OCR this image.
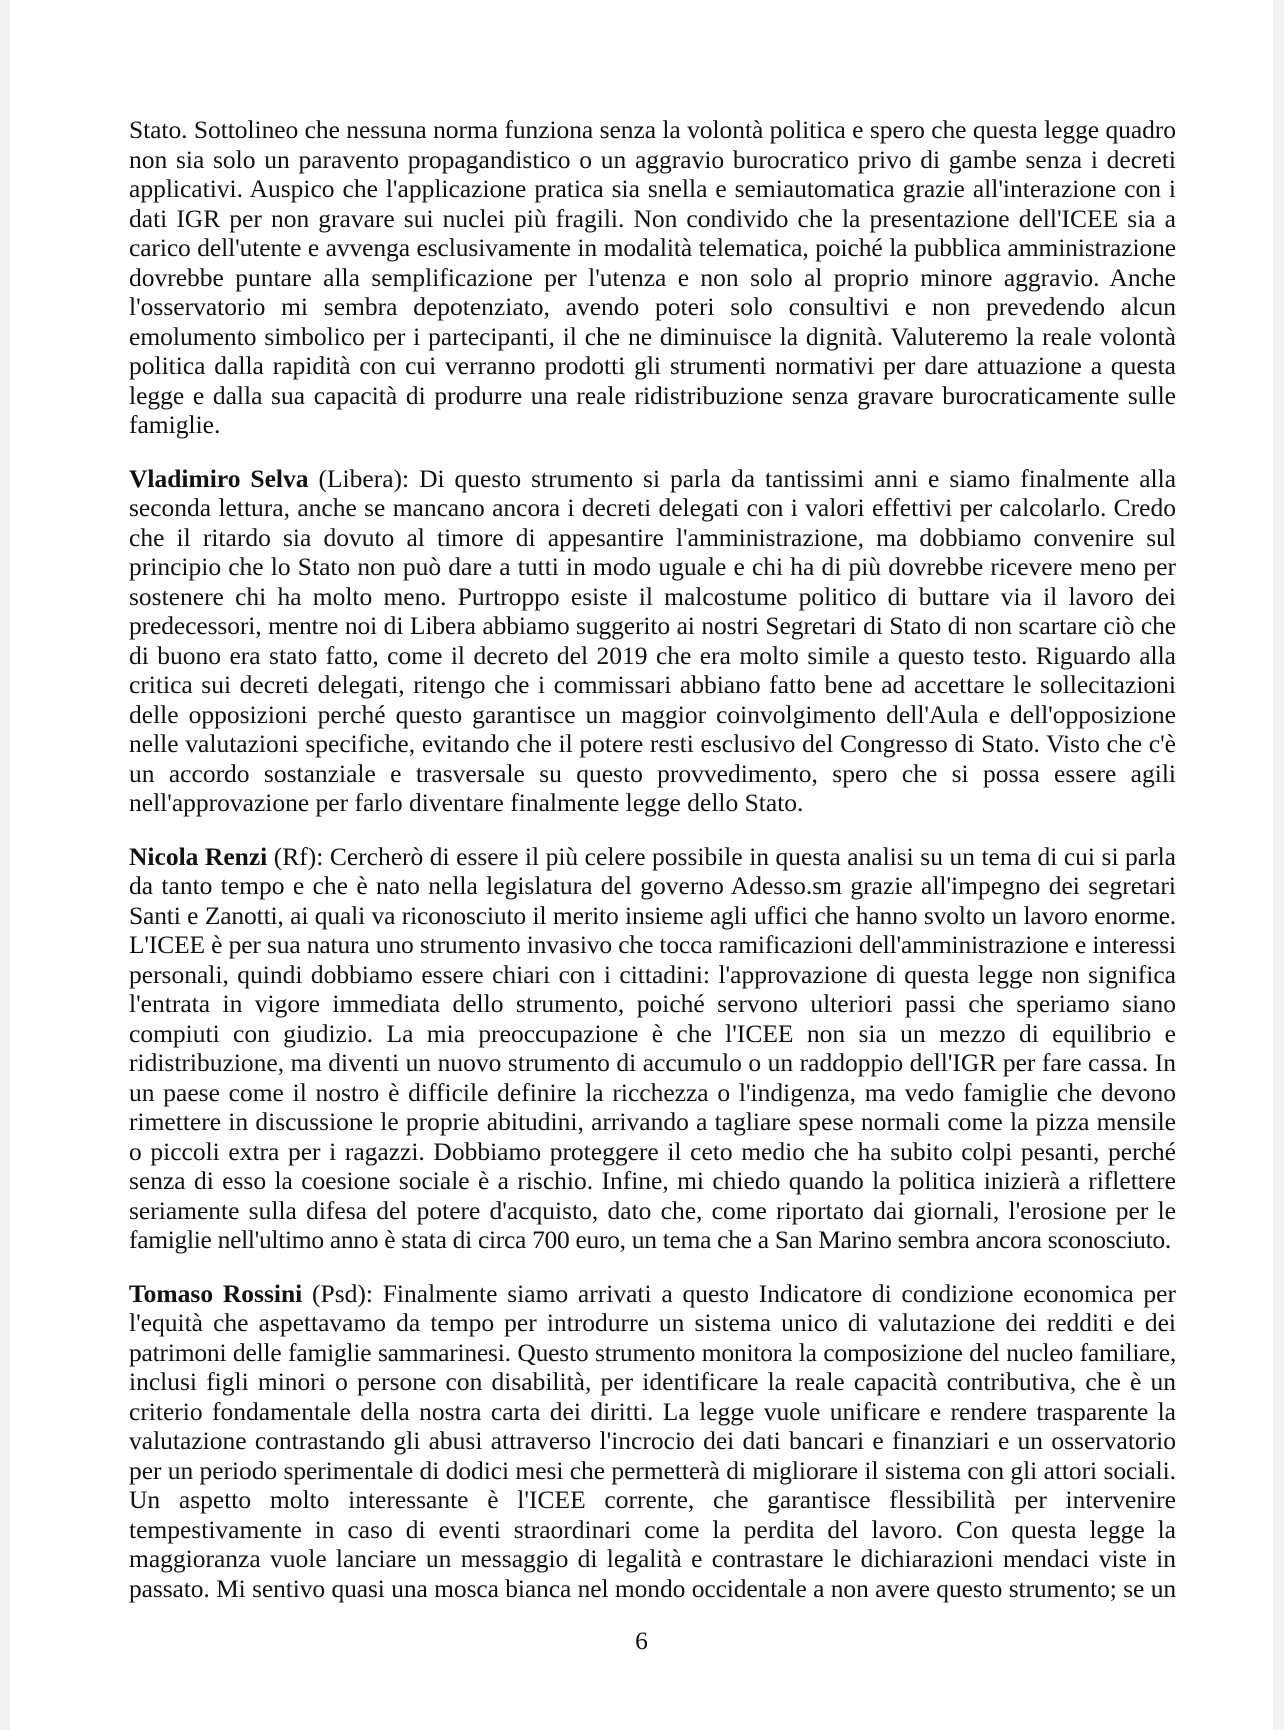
Stato. Sottolineo che nessuna norma funziona senza la volontà politica e spero che questa legge quadro
non sia solo un paravento propagandistico o un aggravio burocratico privo di gambe senza i decreti
applicativi. Auspico che l'applicazione pratica sia snella e semiautomatica grazie all'interazione con i
dati IGR per non gravare sui nuclei più fragili. Non condivido che la presentazione dell'ICEE sia a
carico dell'utente e avvenga esclusivamente in modalità telematica, poiché la pubblica amministrazione
dovrebbe puntare alla semplificazione per l'utenza e non solo al proprio minore aggravio. Anche
l'osservatorio mi sembra depotenziato, avendo poteri solo consultivi e non prevedendo alcun
emolumento simbolico per i partecipanti, il che ne diminuisce la dignità. Valuteremo la reale volontà
politica dalla rapidità con cui verranno prodotti gli strumenti normativi per dare attuazione a questa
legge e dalla sua capacità di produrre una reale ridistribuzione senza gravare burocraticamente sulle
famiglie.
Vladimiro Selva (Libera): Di questo strumento si parla da tantissimi anni e siamo finalmente alla
seconda lettura, anche se mancano ancora i decreti delegati con i valori effettivi per calcolarlo. Credo
che il ritardo sia dovuto al timore di appesantire l'amministrazione, ma dobbiamo convenire sul
principio che lo Stato non può dare a tutti in modo uguale e chi ha di più dovrebbe ricevere meno per
sostenere chi ha molto meno. Purtroppo esiste il malcostume politico di buttare via il lavoro dei
predecessori, mentre noi di Libera abbiamo suggerito ai nostri Segretari di Stato di non scartare ciò che
di buono era stato fatto, come il decreto del 2019 che era molto simile a questo testo. Riguardo alla
critica sui decreti delegati, ritengo che i commissari abbiano fatto bene ad accettare le sollecitazioni
delle opposizioni perché questo garantisce un maggior coinvolgimento dell'Aula e dell'opposizione
nelle valutazioni specifiche, evitando che il potere resti esclusivo del Congresso di Stato. Visto che c'è
un accordo sostanziale e trasversale su questo provvedimento, spero che si possa essere agili
nell'approvazione per farlo diventare finalmente legge dello Stato.
Nicola Renzi (Rf): Cercherò di essere il più celere possibile in questa analisi su un tema di cui si parla
da tanto tempo e che è nato nella legislatura del governo Adesso.sm grazie all'impegno dei segretari
Santi e Zanotti, ai quali va riconosciuto il merito insieme agli uffici che hanno svolto un lavoro enorme.
L'ICEE è per sua natura uno strumento invasivo che tocca ramificazioni dell'amministrazione e interessi
personali, quindi dobbiamo essere chiari con i cittadini: l'approvazione di questa legge non significa
l'entrata in vigore immediata dello strumento, poiché servono ulteriori passi che speriamo siano
compiuti con giudizio. La mia preoccupazione è che l'ICEE non sia un mezzo di equilibrio e
ridistribuzione, ma diventi un nuovo strumento di accumulo o un raddoppio dell'IGR per fare cassa. In
un paese come il nostro è difficile definire la ricchezza o l'indigenza, ma vedo famiglie che devono
rimettere in discussione le proprie abitudini, arrivando a tagliare spese normali come la pizza mensile
o piccoli extra per i ragazzi. Dobbiamo proteggere il ceto medio che ha subito colpi pesanti, perché
senza di esso la coesione sociale è a rischio. Infine, mi chiedo quando la politica inizierà a riflettere
seriamente sulla difesa del potere d'acquisto, dato che, come riportato dai giornali, l'erosione per le
famiglie nell'ultimo anno è stata di circa 700 euro, un tema che a San Marino sembra ancora sconosciuto.
Tomaso Rossini (Psd): Finalmente siamo arrivati a questo Indicatore di condizione economica per
l'equità che aspettavamo da tempo per introdurre un sistema unico di valutazione dei redditi e dei
patrimoni delle famiglie sammarinesi. Questo strumento monitora la composizione del nucleo familiare,
inclusi figli minori o persone con disabilità, per identificare la reale capacità contributiva, che è un
criterio fondamentale della nostra carta dei diritti. La legge vuole unificare e rendere trasparente la
valutazione contrastando gli abusi attraverso l'incrocio dei dati bancari e finanziari e un osservatorio
per un periodo sperimentale di dodici mesi che permetterà di migliorare il sistema con gli attori sociali.
Un aspetto molto interessante è l'ICEE corrente, che garantisce flessibilità per intervenire
tempestivamente in caso di eventi straordinari come la perdita del lavoro. Con questa legge la
maggioranza vuole lanciare un messaggio di legalità e contrastare le dichiarazioni mendaci viste in
passato. Mi sentivo quasi una mosca bianca nel mondo occidentale a non avere questo strumento; se un
6
